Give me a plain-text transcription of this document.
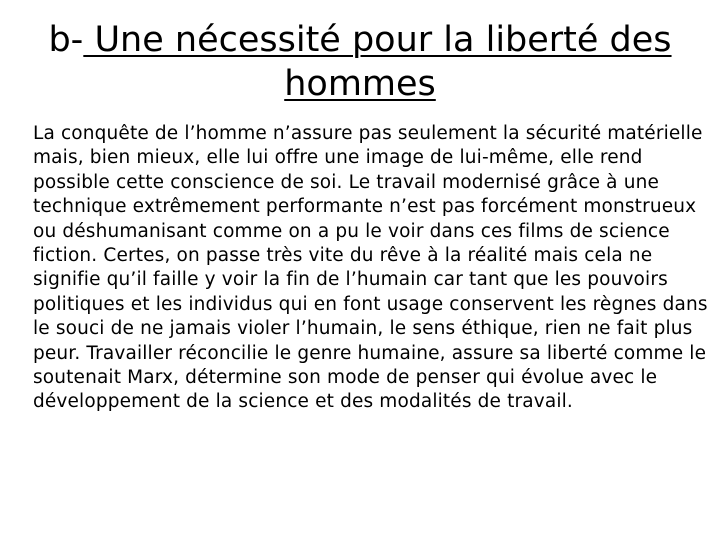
b- Une nécessité pour la liberté des hommes

La conquête de l’homme n’assure pas seulement la sécurité matérielle mais, bien mieux, elle lui offre une image de lui-même, elle rend possible cette conscience de soi. Le travail modernisé grâce à une technique extrêmement performante n’est pas forcément monstrueux ou déshumanisant comme on a pu le voir dans ces films de science fiction. Certes, on passe très vite du rêve à la réalité mais cela ne signifie qu’il faille y voir la fin de l’humain car tant que les pouvoirs politiques et les individus qui en font usage conservent les règnes dans le souci de ne jamais violer l’humain, le sens éthique, rien ne fait plus peur. Travailler réconcilie le genre humaine, assure sa liberté comme le soutenait Marx, détermine son mode de penser qui évolue avec le développement de la science et des modalités de travail.
